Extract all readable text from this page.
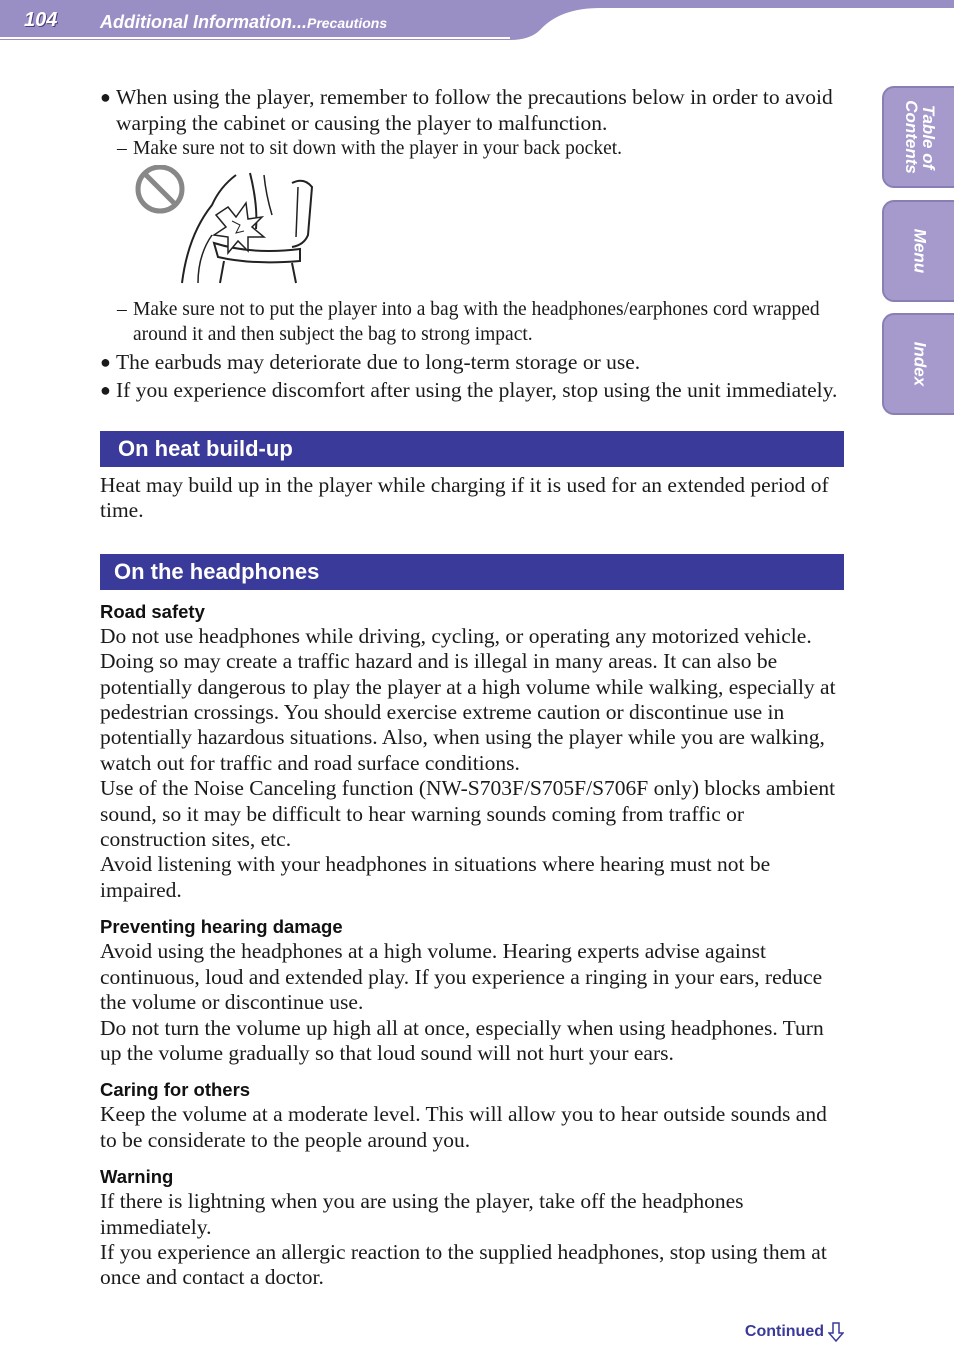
104 Additional Information...Precautions
Table of
Contents
Menu
Index
● When using the player, remember to follow the precautions below in order to avoid warping the cabinet or causing the player to malfunction.
– Make sure not to sit down with the player in your back pocket.
– Make sure not to put the player into a bag with the headphones/earphones cord wrapped around it and then subject the bag to strong impact.
● The earbuds may deteriorate due to long-term storage or use.
● If you experience discomfort after using the player, stop using the unit immediately.
On heat build-up
Heat may build up in the player while charging if it is used for an extended period of time.
On the headphones
Road safety
Do not use headphones while driving, cycling, or operating any motorized vehicle. Doing so may create a traffic hazard and is illegal in many areas. It can also be potentially dangerous to play the player at a high volume while walking, especially at pedestrian crossings. You should exercise extreme caution or discontinue use in potentially hazardous situations. Also, when using the player while you are walking, watch out for traffic and road surface conditions.
Use of the Noise Canceling function (NW-S703F/S705F/S706F only) blocks ambient sound, so it may be difficult to hear warning sounds coming from traffic or construction sites, etc.
Avoid listening with your headphones in situations where hearing must not be impaired.
Preventing hearing damage
Avoid using the headphones at a high volume. Hearing experts advise against continuous, loud and extended play. If you experience a ringing in your ears, reduce the volume or discontinue use.
Do not turn the volume up high all at once, especially when using headphones. Turn up the volume gradually so that loud sound will not hurt your ears.
Caring for others
Keep the volume at a moderate level. This will allow you to hear outside sounds and to be considerate to the people around you.
Warning
If there is lightning when you are using the player, take off the headphones immediately.
If you experience an allergic reaction to the supplied headphones, stop using them at once and contact a doctor.
Continued
